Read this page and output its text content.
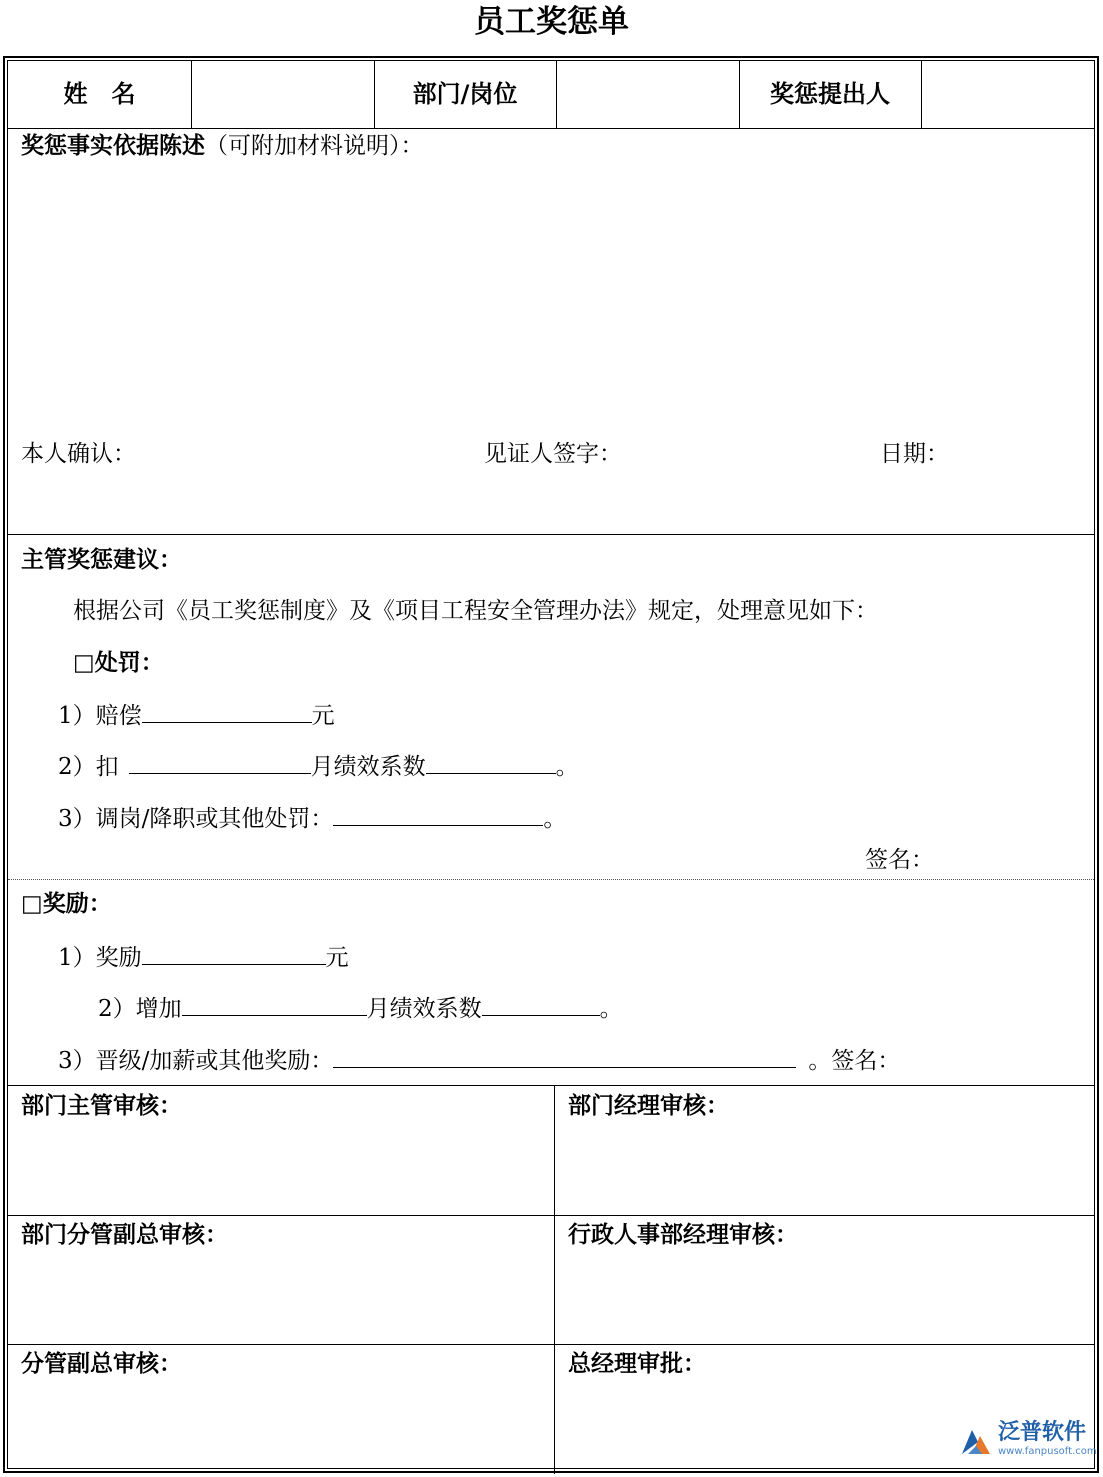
员工奖惩单
姓　名	部门/岗位	奖惩提出人
奖惩事实依据陈述（可附加材料说明）：
本人确认：	见证人签字：	日期：
主管奖惩建议：
根据公司《员工奖惩制度》及《项目工程安全管理办法》规定，处理意见如下：
□处罚：
1）赔偿	元
2）扣	月绩效系数	。
3）调岗/降职或其他处罚：	。
签名：
□奖励：
1）奖励	元
2）增加	月绩效系数	。
3）晋级/加薪或其他奖励：	。签名：
部门主管审核：	部门经理审核：
部门分管副总审核：	行政人事部经理审核：
分管副总审核：	总经理审批：
泛普软件
www.fanpusoft.com
